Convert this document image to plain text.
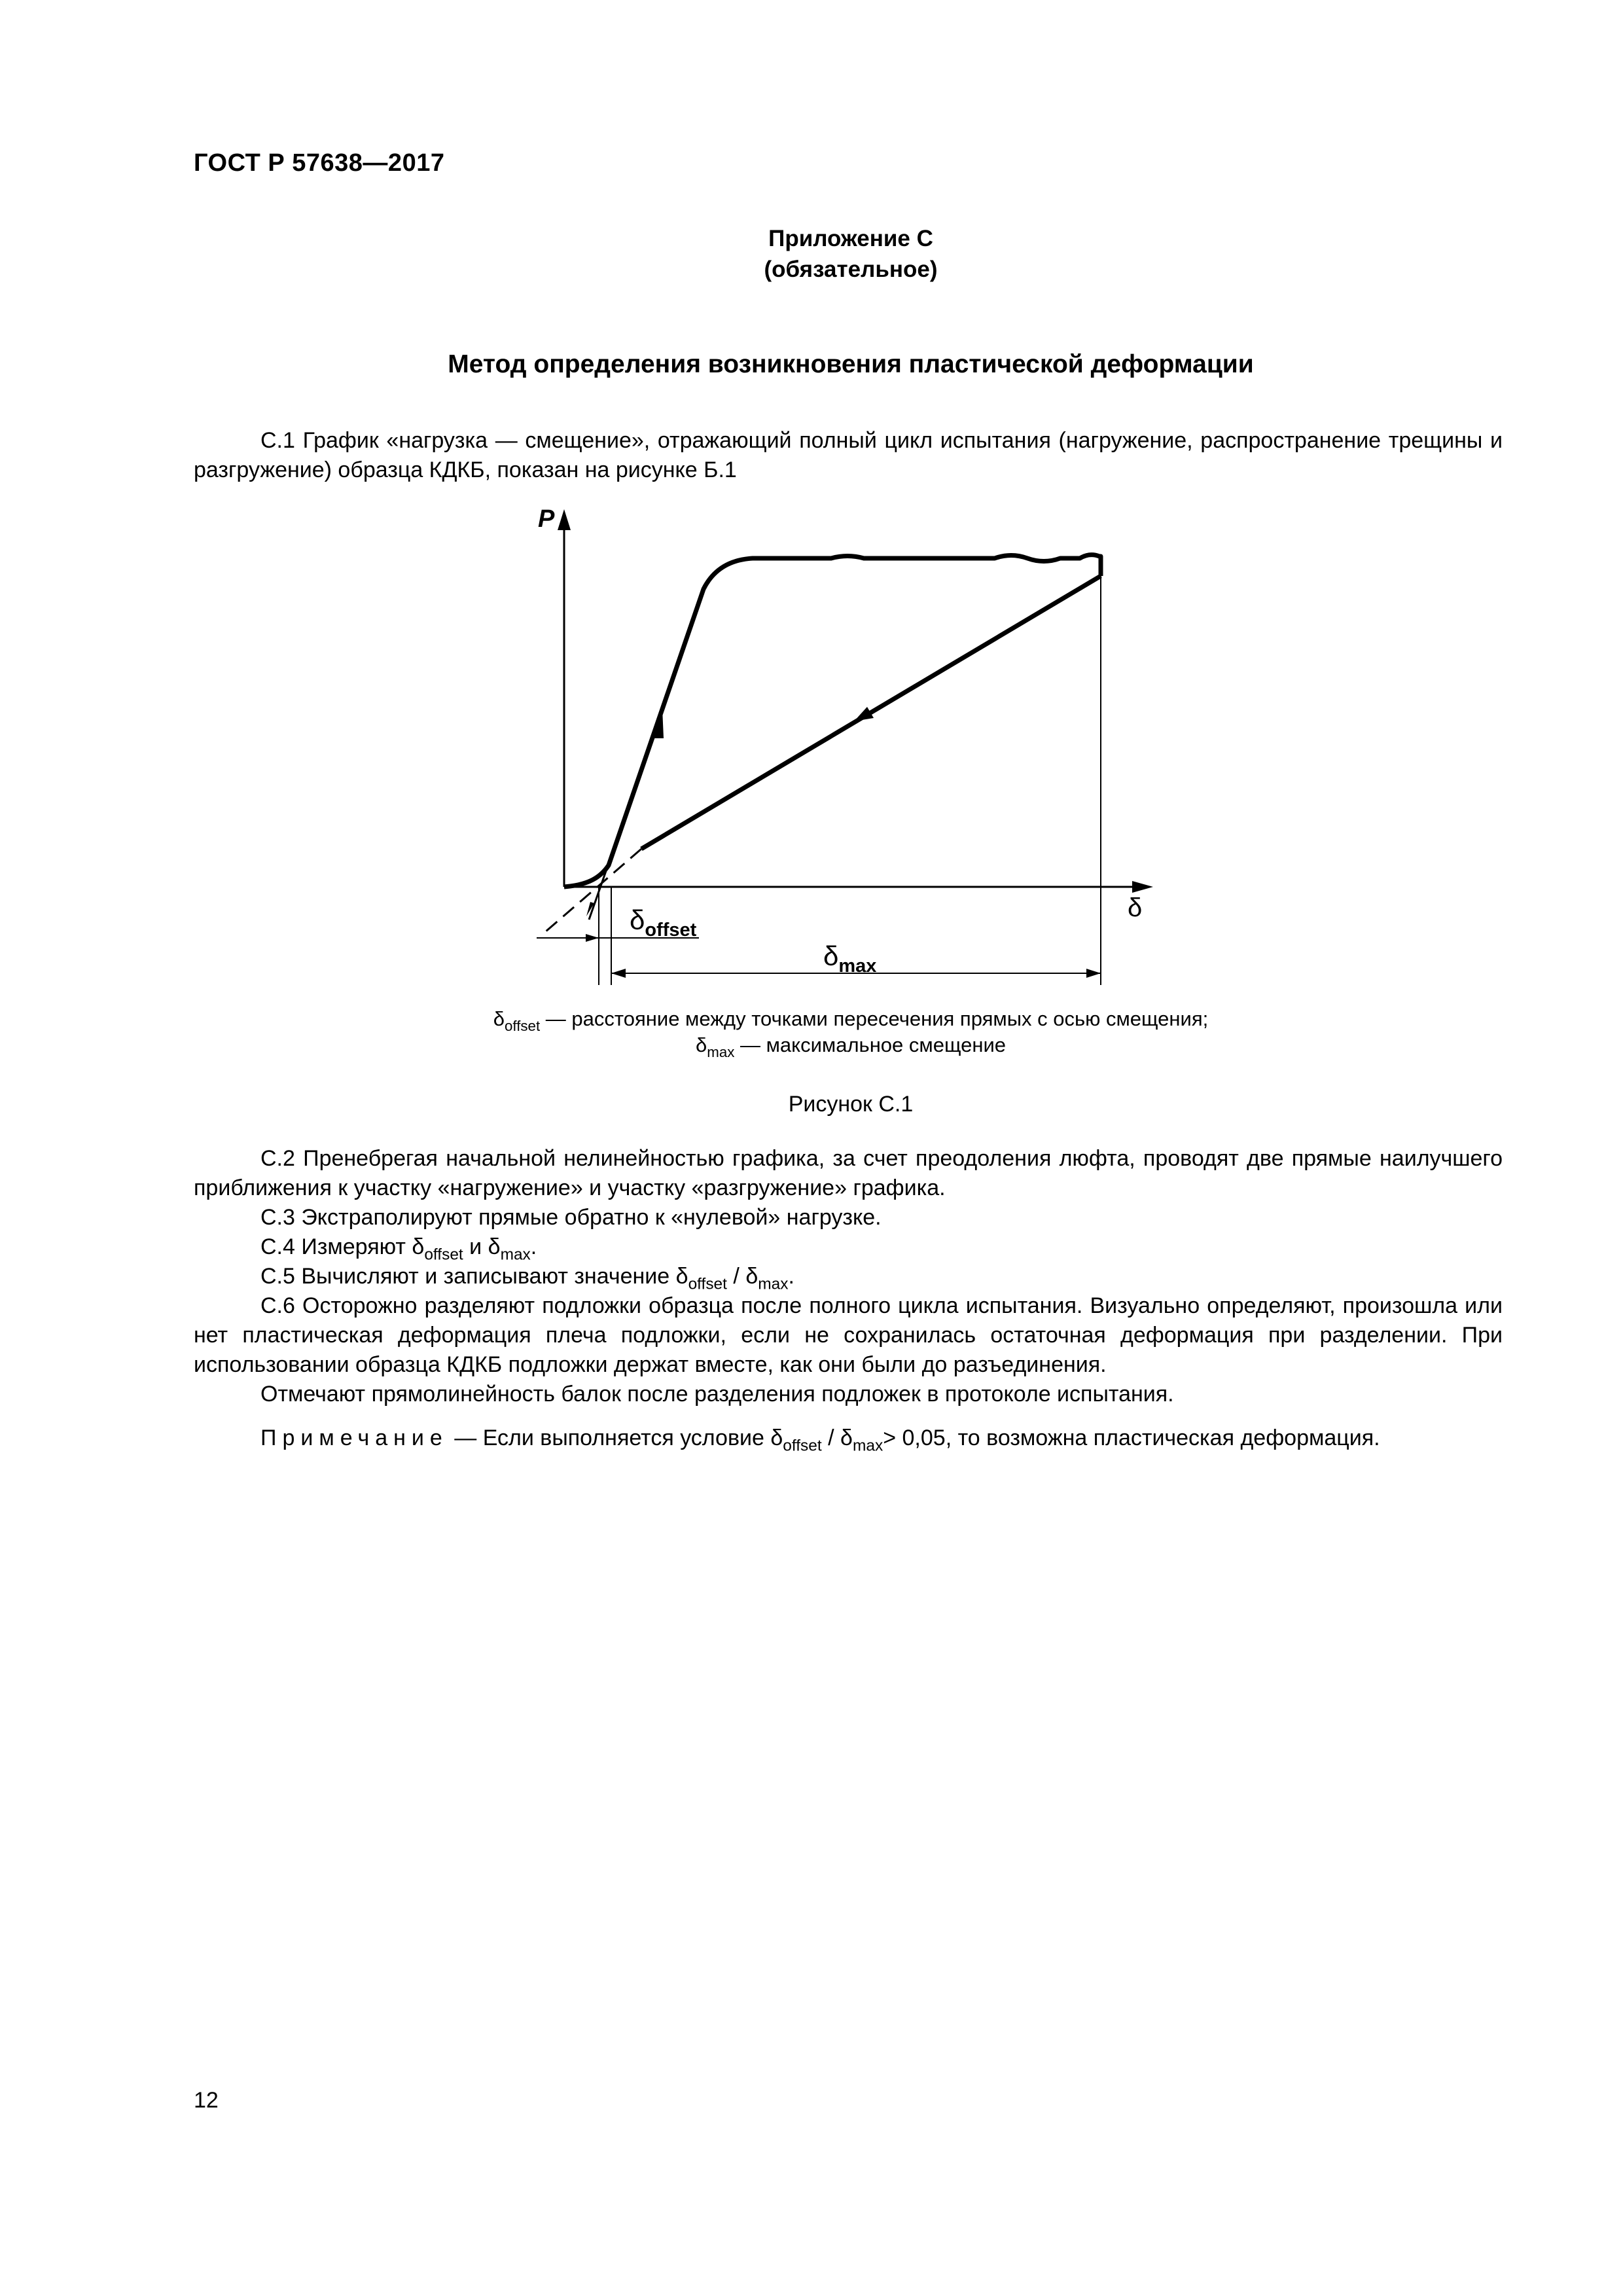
ГОСТ Р 57638—2017
Приложение С
(обязательное)
Метод определения возникновения пластической деформации
С.1 График «нагрузка — смещение», отражающий полный цикл испытания (нагружение, распространение трещины и разгружение) образца КДКБ, показан на рисунке Б.1
P
δ
$\delta_{offset}$
$\delta_{max}$
$\delta_{offset}$ — расстояние между точками пересечения прямых с осью смещения;
$\delta_{max}$ — максимальное смещение
Рисунок С.1
С.2 Пренебрегая начальной нелинейностью графика, за счет преодоления люфта, проводят две прямые наилучшего приближения к участку «нагружение» и участку «разгружение» графика.
С.3 Экстраполируют прямые обратно к «нулевой» нагрузке.
С.4 Измеряют $\delta_{offset}$ и $\delta_{max}$.
С.5 Вычисляют и записывают значение $\delta_{offset} / \delta_{max}$.
С.6 Осторожно разделяют подложки образца после полного цикла испытания. Визуально определяют, произошла или нет пластическая деформация плеча подложки, если не сохранилась остаточная деформация при разделении. При использовании образца КДКБ подложки держат вместе, как они были до разъединения.
Отмечают прямолинейность балок после разделения подложек в протоколе испытания.
Примечание — Если выполняется условие $\delta_{offset} / \delta_{max}> 0,05$, то возможна пластическая деформация.
12
